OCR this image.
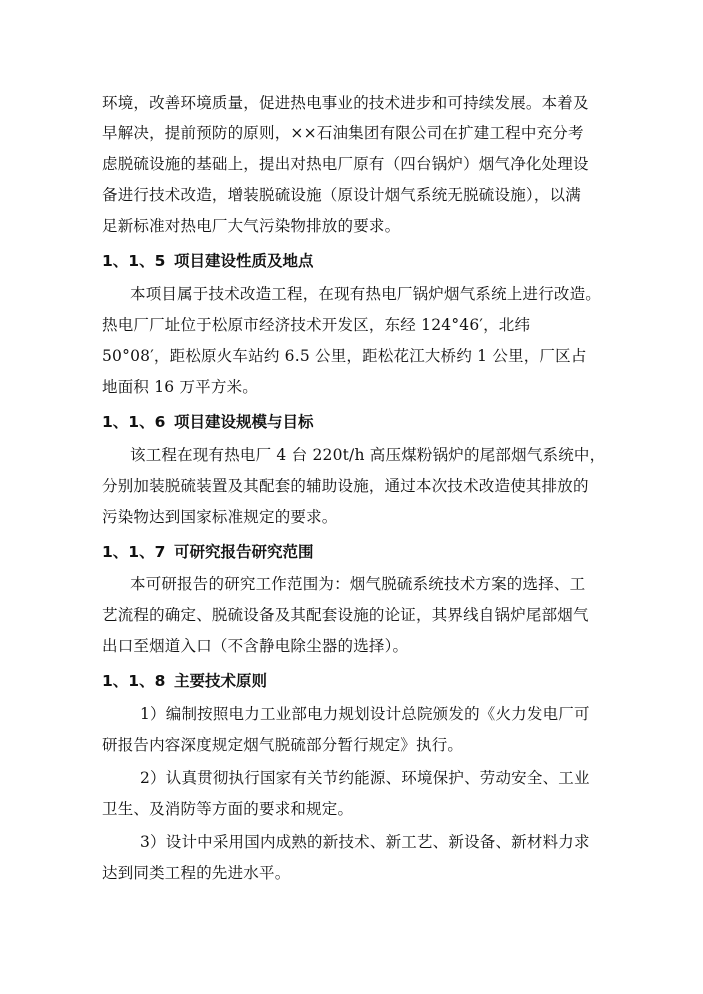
环境，改善环境质量，促进热电事业的技术进步和可持续发展。本着及
早解决，提前预防的原则，××石油集团有限公司在扩建工程中充分考
虑脱硫设施的基础上，提出对热电厂原有（四台锅炉）烟气净化处理设
备进行技术改造，增装脱硫设施（原设计烟气系统无脱硫设施），以满
足新标准对热电厂大气污染物排放的要求。
1、1、5 项目建设性质及地点
本项目属于技术改造工程，在现有热电厂锅炉烟气系统上进行改造。
热电厂厂址位于松原市经济技术开发区，东经 124°46′，北纬
50°08′，距松原火车站约 6.5 公里，距松花江大桥约 1 公里，厂区占
地面积 16 万平方米。
1、1、6 项目建设规模与目标
该工程在现有热电厂 4 台 220t/h 高压煤粉锅炉的尾部烟气系统中，
分别加装脱硫装置及其配套的辅助设施，通过本次技术改造使其排放的
污染物达到国家标准规定的要求。
1、1、7 可研究报告研究范围
本可研报告的研究工作范围为：烟气脱硫系统技术方案的选择、工
艺流程的确定、脱硫设备及其配套设施的论证，其界线自锅炉尾部烟气
出口至烟道入口（不含静电除尘器的选择）。
1、1、8 主要技术原则
1）编制按照电力工业部电力规划设计总院颁发的《火力发电厂可
研报告内容深度规定烟气脱硫部分暂行规定》执行。
2）认真贯彻执行国家有关节约能源、环境保护、劳动安全、工业
卫生、及消防等方面的要求和规定。
3）设计中采用国内成熟的新技术、新工艺、新设备、新材料力求
达到同类工程的先进水平。
